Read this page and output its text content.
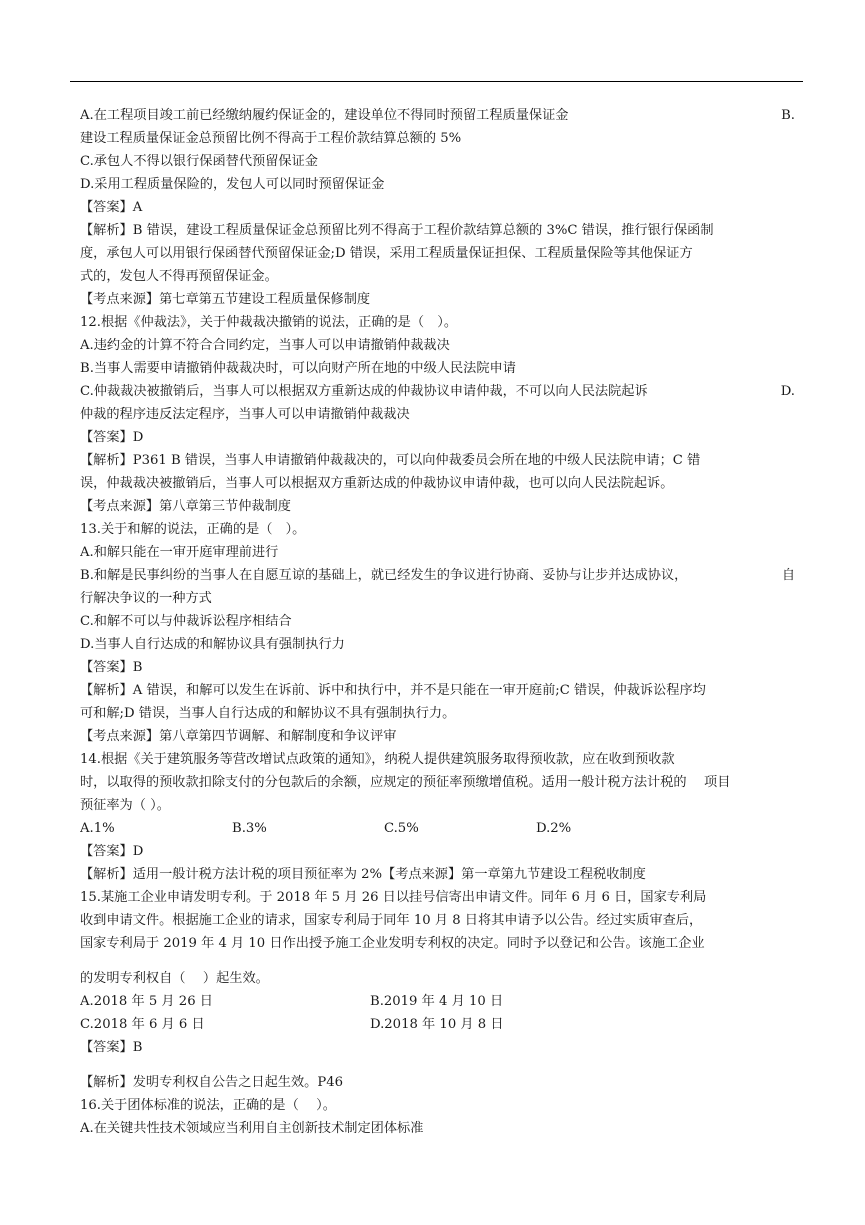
A.在工程项目竣工前已经缴纳履约保证金的，建设单位不得同时预留工程质量保证金	B.
建设工程质量保证金总预留比例不得高于工程价款结算总额的 5%
C.承包人不得以银行保函替代预留保证金
D.采用工程质量保险的，发包人可以同时预留保证金
【答案】A
【解析】B 错误，建设工程质量保证金总预留比列不得高于工程价款结算总额的 3%C 错误，推行银行保函制
度，承包人可以用银行保函替代预留保证金;D 错误，采用工程质量保证担保、工程质量保险等其他保证方
式的，发包人不得再预留保证金。
【考点来源】第七章第五节建设工程质量保修制度
12.根据《仲裁法》，关于仲裁裁决撤销的说法，正确的是（　）。
A.违约金的计算不符合合同约定，当事人可以申请撤销仲裁裁决
B.当事人需要申请撤销仲裁裁决时，可以向财产所在地的中级人民法院申请
C.仲裁裁决被撤销后，当事人可以根据双方重新达成的仲裁协议申请仲裁，不可以向人民法院起诉	D.
仲裁的程序违反法定程序，当事人可以申请撤销仲裁裁决
【答案】D
【解析】P361 B 错误，当事人申请撤销仲裁裁决的，可以向仲裁委员会所在地的中级人民法院申请；C 错
误，仲裁裁决被撤销后，当事人可以根据双方重新达成的仲裁协议申请仲裁，也可以向人民法院起诉。
【考点来源】第八章第三节仲裁制度
13.关于和解的说法，正确的是（　）。
A.和解只能在一审开庭审理前进行
B.和解是民事纠纷的当事人在自愿互谅的基础上，就已经发生的争议进行协商、妥协与让步并达成协议，	自
行解决争议的一种方式
C.和解不可以与仲裁诉讼程序相结合
D.当事人自行达成的和解协议具有强制执行力
【答案】B
【解析】A 错误，和解可以发生在诉前、诉中和执行中，并不是只能在一审开庭前;C 错误，仲裁诉讼程序均
可和解;D 错误，当事人自行达成的和解协议不具有强制执行力。
【考点来源】第八章第四节调解、和解制度和争议评审
14.根据《关于建筑服务等营改增试点政策的通知》，纳税人提供建筑服务取得预收款，应在收到预收款
时，以取得的预收款扣除支付的分包款后的余额，应规定的预征率预缴增值税。适用一般计税方法计税的　 项目
预征率为（ ）。
A.1%	B.3%	C.5%	D.2%
【答案】D
【解析】适用一般计税方法计税的项目预征率为 2%【考点来源】第一章第九节建设工程税收制度
15.某施工企业申请发明专利。于 2018 年 5 月 26 日以挂号信寄出申请文件。同年 6 月 6 日，国家专利局
收到申请文件。根据施工企业的请求，国家专利局于同年 10 月 8 日将其申请予以公告。经过实质审查后，
国家专利局于 2019 年 4 月 10 日作出授予施工企业发明专利权的决定。同时予以登记和公告。该施工企业
的发明专利权自（　 ）起生效。
A.2018 年 5 月 26 日	B.2019 年 4 月 10 日
C.2018 年 6 月 6 日	D.2018 年 10 月 8 日
【答案】B
【解析】发明专利权自公告之日起生效。P46
16.关于团体标准的说法，正确的是（　 ）。
A.在关键共性技术领域应当利用自主创新技术制定团体标准
